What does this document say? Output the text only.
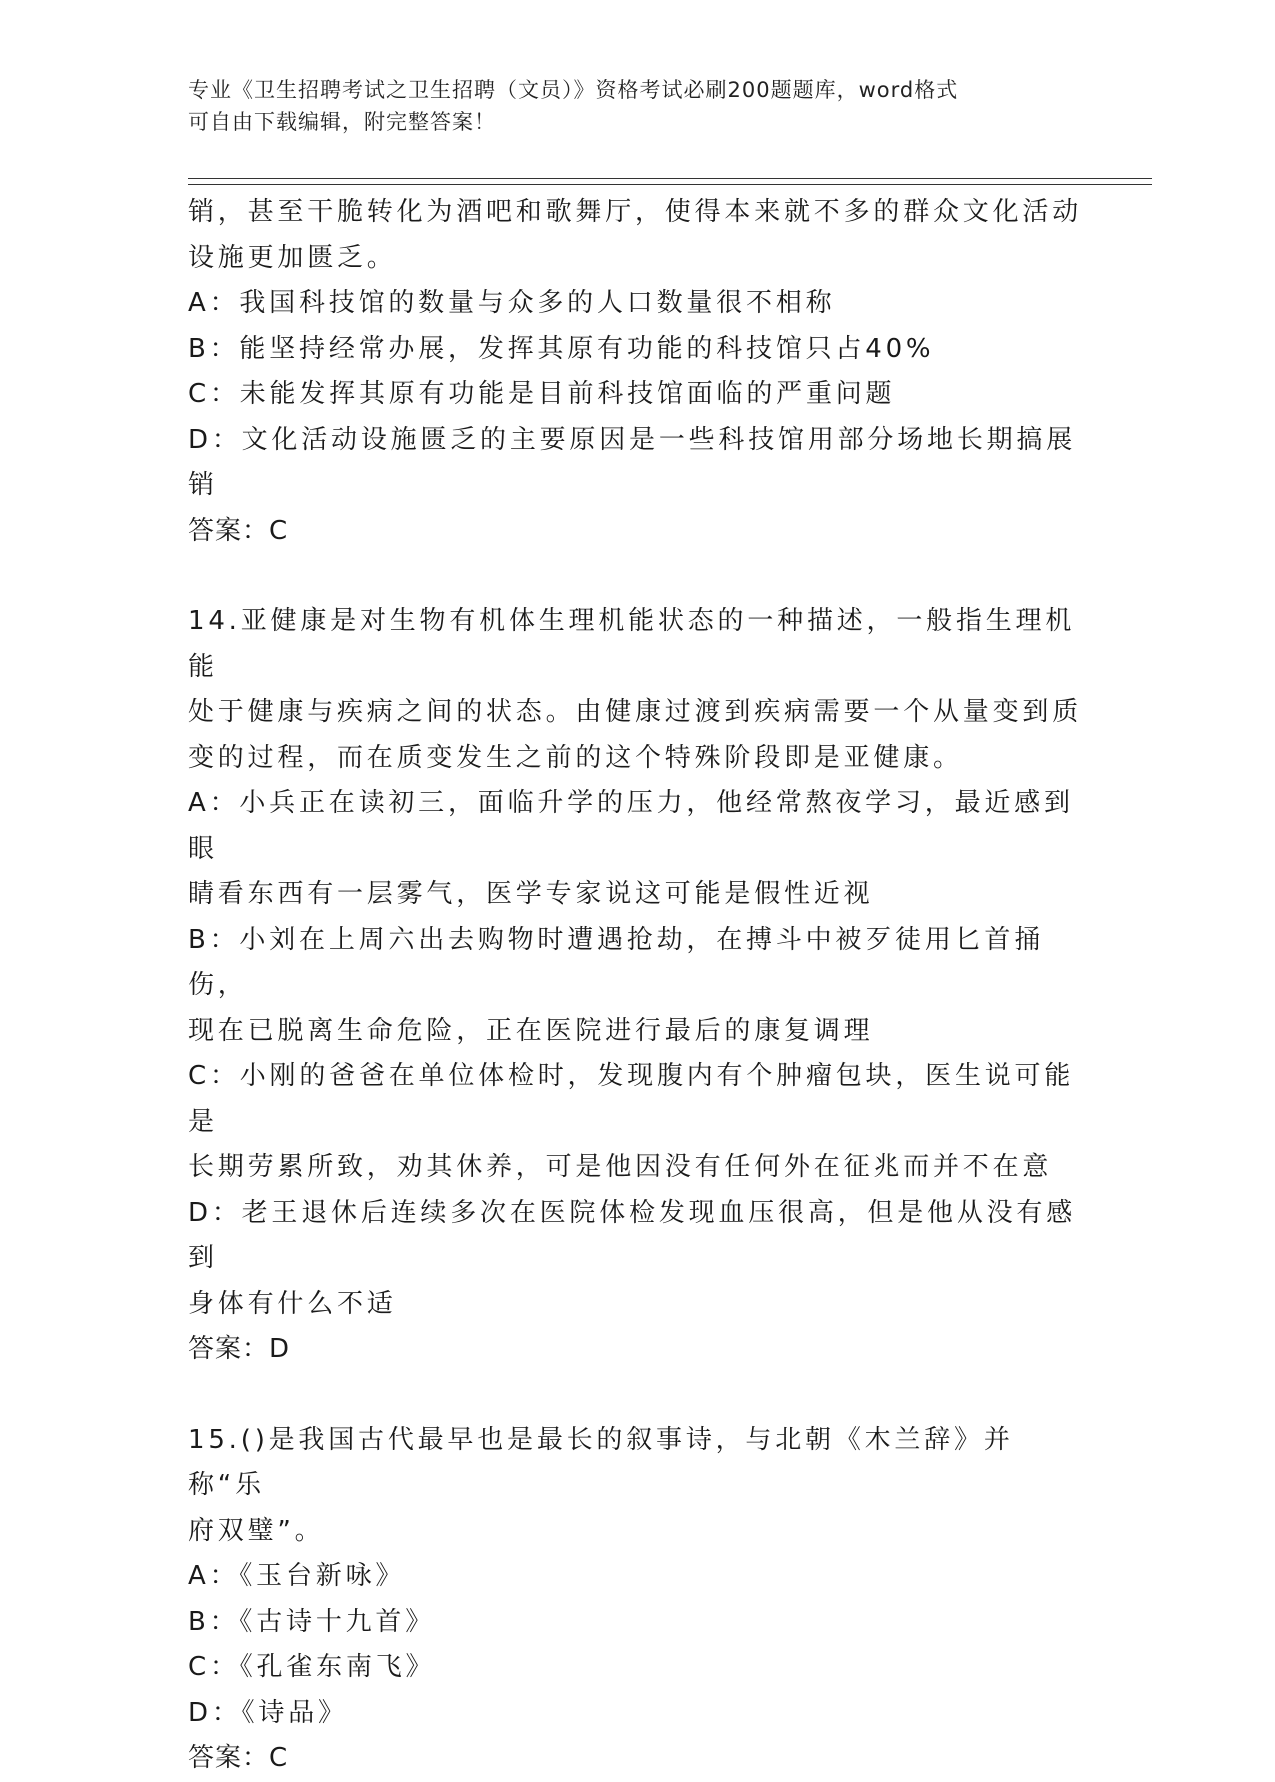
专业《卫生招聘考试之卫生招聘（文员）》资格考试必刷200题题库，word格式
可自由下载编辑，附完整答案！

销，甚至干脆转化为酒吧和歌舞厅，使得本来就不多的群众文化活动

设施更加匮乏。

A：我国科技馆的数量与众多的人口数量很不相称

B：能坚持经常办展，发挥其原有功能的科技馆只占40%

C：未能发挥其原有功能是目前科技馆面临的严重问题

D：文化活动设施匮乏的主要原因是一些科技馆用部分场地长期搞展销

答案：C

14.亚健康是对生物有机体生理机能状态的一种描述，一般指生理机能

处于健康与疾病之间的状态。由健康过渡到疾病需要一个从量变到质

变的过程，而在质变发生之前的这个特殊阶段即是亚健康。

A：小兵正在读初三，面临升学的压力，他经常熬夜学习，最近感到眼

睛看东西有一层雾气，医学专家说这可能是假性近视

B：小刘在上周六出去购物时遭遇抢劫，在搏斗中被歹徒用匕首捅伤，

现在已脱离生命危险，正在医院进行最后的康复调理

C：小刚的爸爸在单位体检时，发现腹内有个肿瘤包块，医生说可能是

长期劳累所致，劝其休养，可是他因没有任何外在征兆而并不在意

D：老王退休后连续多次在医院体检发现血压很高，但是他从没有感到

身体有什么不适

答案：D

15.()是我国古代最早也是最长的叙事诗，与北朝《木兰辞》并称“乐

府双璧”。

A：《玉台新咏》

B：《古诗十九首》

C：《孔雀东南飞》

D：《诗品》

答案：C
